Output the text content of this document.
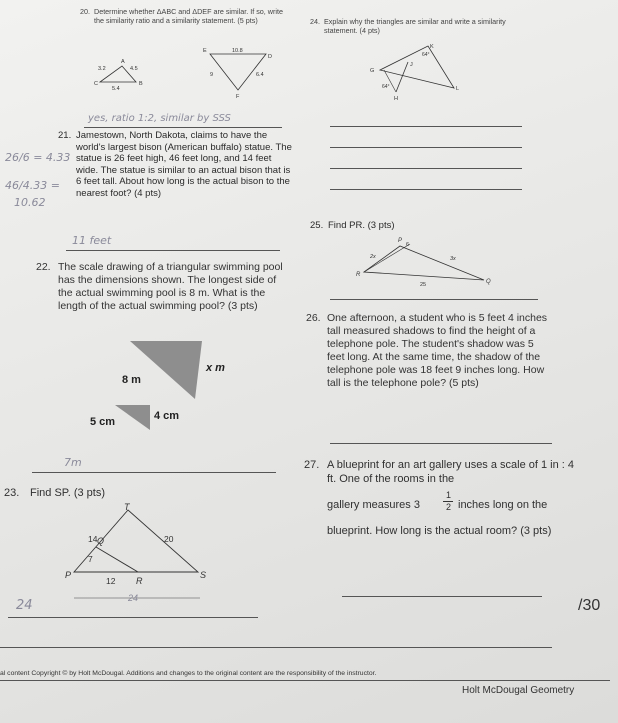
20. Determine whether ΔABC and ΔDEF are similar. If so, write the similarity ratio and a similarity statement. (5 pts)
A
C	B
3.2	4.5
5.4
E
D
F
10.8
9	6.4
yes, ratio 1:2, similar by SSS
21. Jamestown, North Dakota, claims to have the world's largest bison (American buffalo) statue. The statue is 26 feet high, 46 feet long, and 14 feet wide. The statue is similar to an actual bison that is 6 feet tall. About how long is the actual bison to the nearest foot? (4 pts)
26/6 = 4.33
46/4.33 =
10.62
11 feet
22. The scale drawing of a triangular swimming pool has the dimensions shown. The longest side of the actual swimming pool is 8 m. What is the length of the actual swimming pool? (3 pts)
8 m
x m
5 cm	4 cm
7m
23. Find SP. (3 pts)
T
Q
P
R
S
14	20
7
12
24
24
24. Explain why the triangles are similar and write a similarity statement. (4 pts)
K
G
J
H
L
64°
64°
25. Find PR. (3 pts)
P
6
R
Q
2x	3x
25
26. One afternoon, a student who is 5 feet 4 inches tall measured shadows to find the height of a telephone pole. The student's shadow was 5 feet long. At the same time, the shadow of the telephone pole was 18 feet 9 inches long. How tall is the telephone pole? (5 pts)
27. A blueprint for an art gallery uses a scale of 1 in : 4 ft. One of the rooms in the
gallery measures 3
1
2 inches long on the
blueprint. How long is the actual room? (3 pts)
/30
al content Copyright © by Holt McDougal. Additions and changes to the original content are the responsibility of the instructor.
Holt McDougal Geometry
